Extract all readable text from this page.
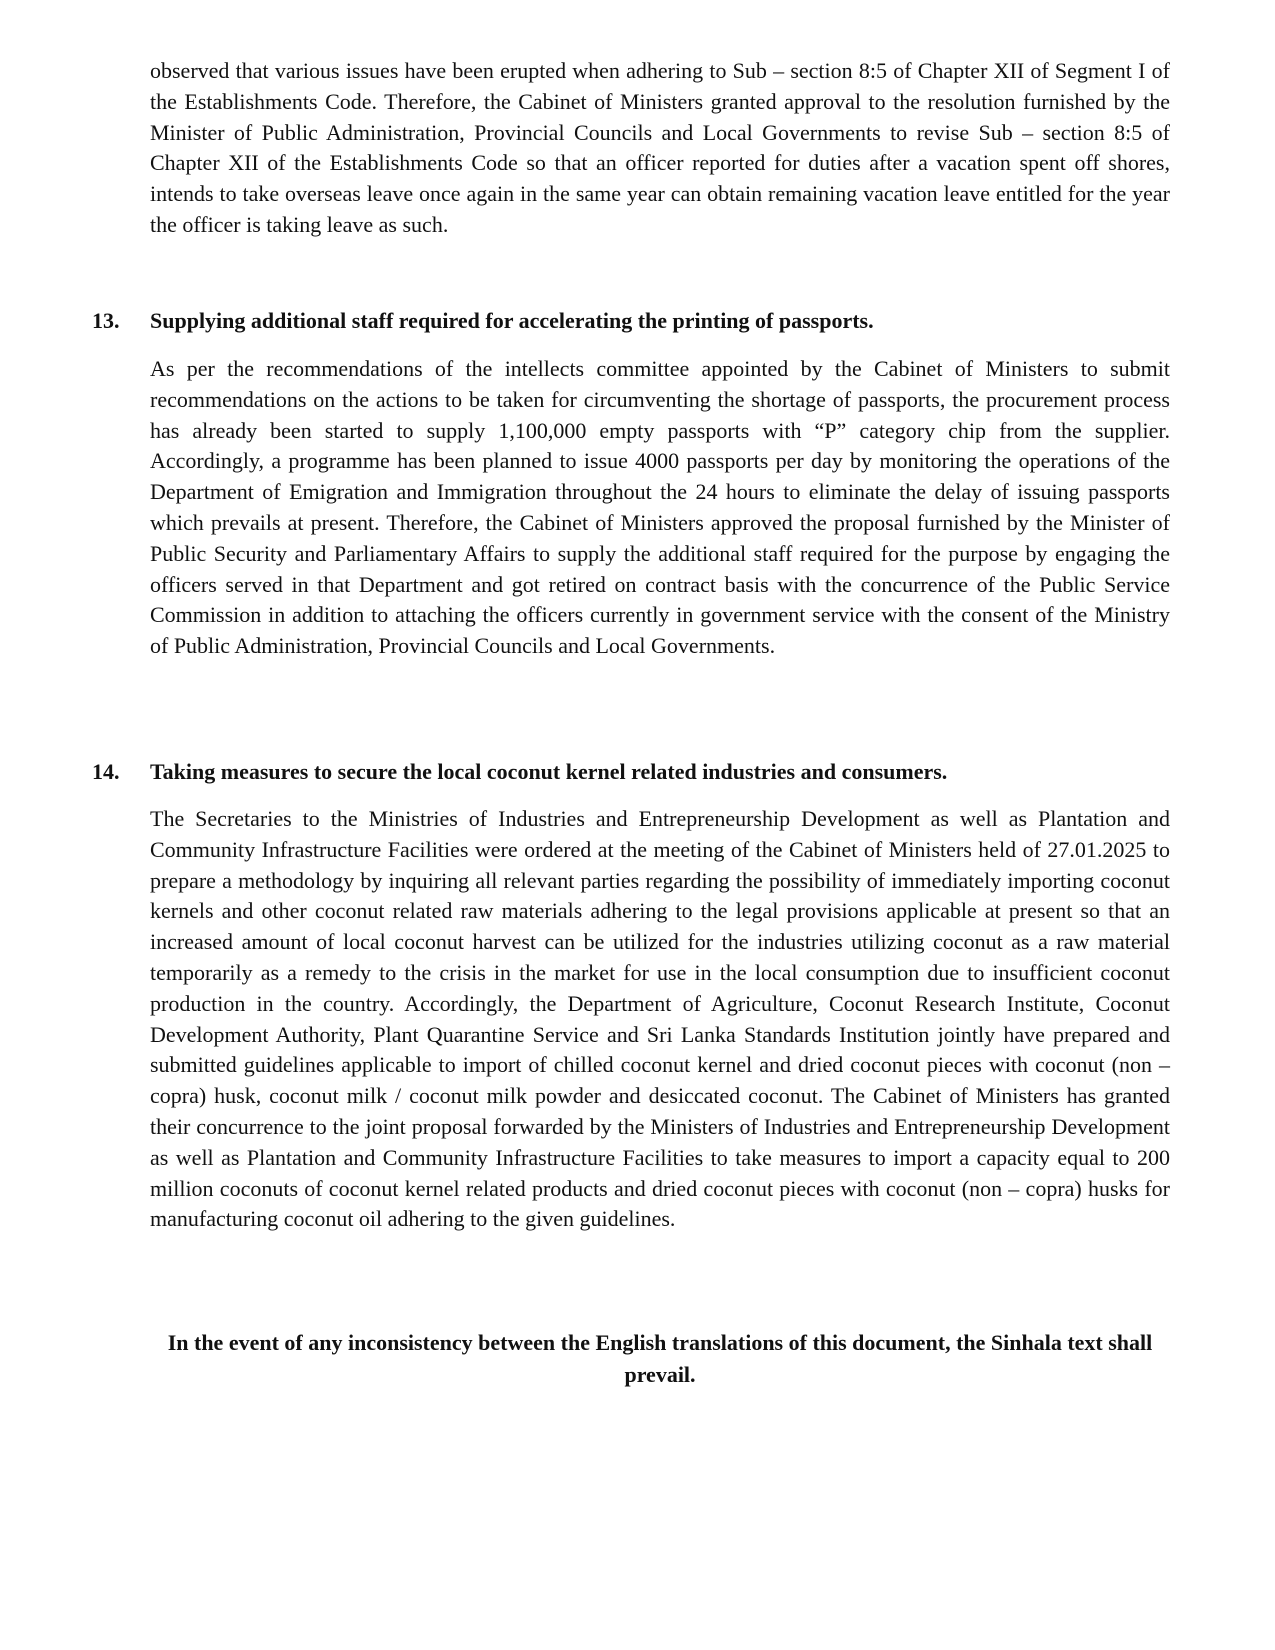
observed that various issues have been erupted when adhering to Sub – section 8:5 of Chapter XII of Segment I of the Establishments Code. Therefore, the Cabinet of Ministers granted approval to the resolution furnished by the Minister of Public Administration, Provincial Councils and Local Governments to revise Sub – section 8:5 of Chapter XII of the Establishments Code so that an officer reported for duties after a vacation spent off shores, intends to take overseas leave once again in the same year can obtain remaining vacation leave entitled for the year the officer is taking leave as such.

13. Supplying additional staff required for accelerating the printing of passports.

As per the recommendations of the intellects committee appointed by the Cabinet of Ministers to submit recommendations on the actions to be taken for circumventing the shortage of passports, the procurement process has already been started to supply 1,100,000 empty passports with “P” category chip from the supplier. Accordingly, a programme has been planned to issue 4000 passports per day by monitoring the operations of the Department of Emigration and Immigration throughout the 24 hours to eliminate the delay of issuing passports which prevails at present. Therefore, the Cabinet of Ministers approved the proposal furnished by the Minister of Public Security and Parliamentary Affairs to supply the additional staff required for the purpose by engaging the officers served in that Department and got retired on contract basis with the concurrence of the Public Service Commission in addition to attaching the officers currently in government service with the consent of the Ministry of Public Administration, Provincial Councils and Local Governments.

14. Taking measures to secure the local coconut kernel related industries and consumers.

The Secretaries to the Ministries of Industries and Entrepreneurship Development as well as Plantation and Community Infrastructure Facilities were ordered at the meeting of the Cabinet of Ministers held of 27.01.2025 to prepare a methodology by inquiring all relevant parties regarding the possibility of immediately importing coconut kernels and other coconut related raw materials adhering to the legal provisions applicable at present so that an increased amount of local coconut harvest can be utilized for the industries utilizing coconut as a raw material temporarily as a remedy to the crisis in the market for use in the local consumption due to insufficient coconut production in the country. Accordingly, the Department of Agriculture, Coconut Research Institute, Coconut Development Authority, Plant Quarantine Service and Sri Lanka Standards Institution jointly have prepared and submitted guidelines applicable to import of chilled coconut kernel and dried coconut pieces with coconut (non – copra) husk, coconut milk / coconut milk powder and desiccated coconut. The Cabinet of Ministers has granted their concurrence to the joint proposal forwarded by the Ministers of Industries and Entrepreneurship Development as well as Plantation and Community Infrastructure Facilities to take measures to import a capacity equal to 200 million coconuts of coconut kernel related products and dried coconut pieces with coconut (non – copra) husks for manufacturing coconut oil adhering to the given guidelines.

In the event of any inconsistency between the English translations of this document, the Sinhala text shall prevail.
